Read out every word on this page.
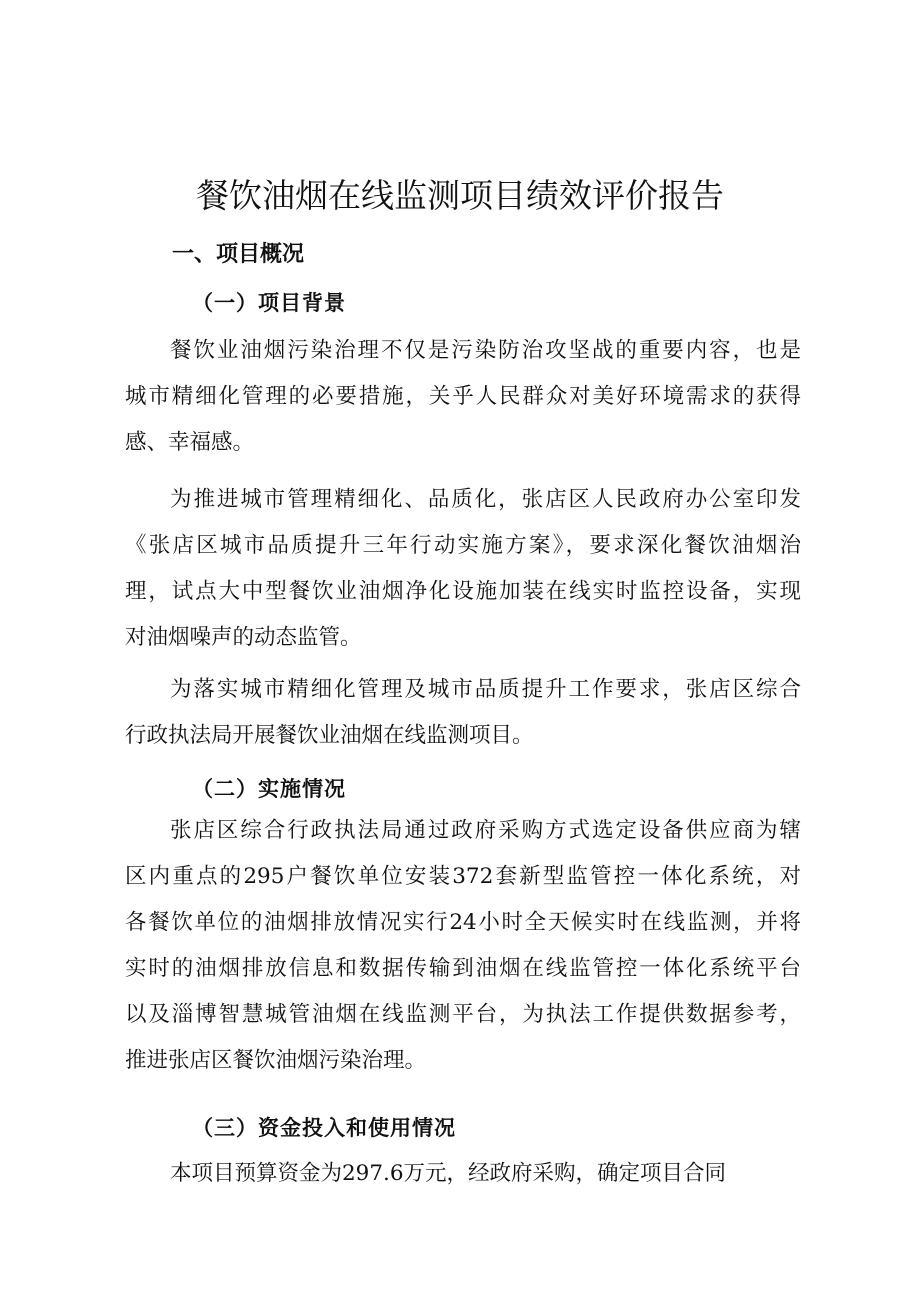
餐饮油烟在线监测项目绩效评价报告
一、项目概况
（一）项目背景
餐饮业油烟污染治理不仅是污染防治攻坚战的重要内容，也是
城市精细化管理的必要措施，关乎人民群众对美好环境需求的获得
感、幸福感。
为推进城市管理精细化、品质化，张店区人民政府办公室印发
《张店区城市品质提升三年行动实施方案》，要求深化餐饮油烟治
理，试点大中型餐饮业油烟净化设施加装在线实时监控设备，实现
对油烟噪声的动态监管。
为落实城市精细化管理及城市品质提升工作要求，张店区综合
行政执法局开展餐饮业油烟在线监测项目。
（二）实施情况
张店区综合行政执法局通过政府采购方式选定设备供应商为辖
区内重点的295户餐饮单位安装372套新型监管控一体化系统，对
各餐饮单位的油烟排放情况实行24小时全天候实时在线监测，并将
实时的油烟排放信息和数据传输到油烟在线监管控一体化系统平台
以及淄博智慧城管油烟在线监测平台，为执法工作提供数据参考，
推进张店区餐饮油烟污染治理。
（三）资金投入和使用情况
本项目预算资金为297.6万元，经政府采购，确定项目合同
